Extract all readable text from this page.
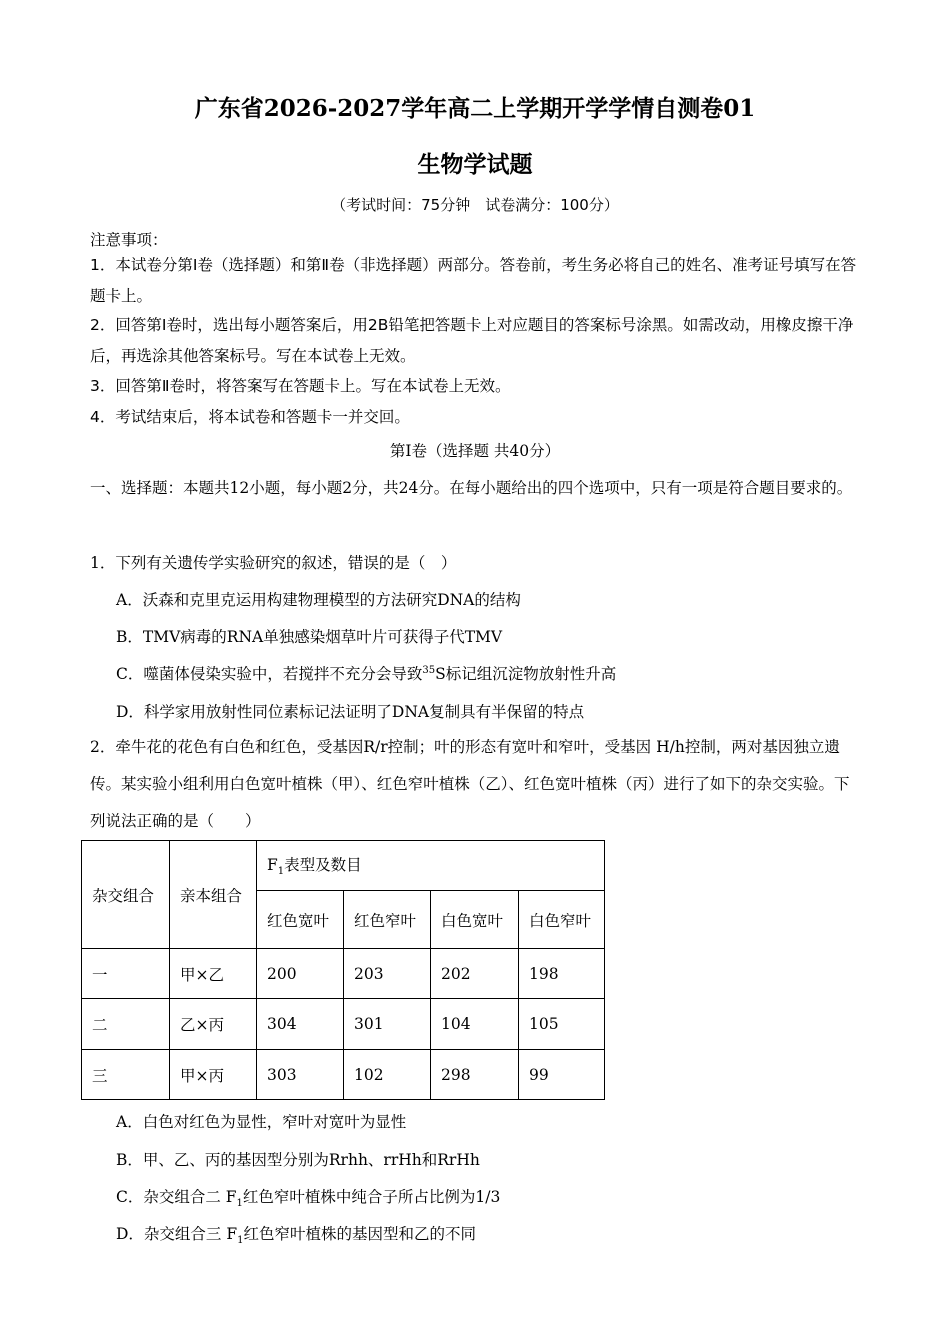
广东省2026-2027学年高二上学期开学学情自测卷01
生物学试题
（考试时间：75分钟　试卷满分：100分）
注意事项：
1．本试卷分第Ⅰ卷（选择题）和第Ⅱ卷（非选择题）两部分。答卷前，考生务必将自己的姓名、准考证号填写在答题卡上。
2．回答第Ⅰ卷时，选出每小题答案后，用2B铅笔把答题卡上对应题目的答案标号涂黑。如需改动，用橡皮擦干净后，再选涂其他答案标号。写在本试卷上无效。
3．回答第Ⅱ卷时，将答案写在答题卡上。写在本试卷上无效。
4．考试结束后，将本试卷和答题卡一并交回。
第Ⅰ卷（选择题 共40分）
一、选择题：本题共12小题，每小题2分，共24分。在每小题给出的四个选项中，只有一项是符合题目要求的。
1．下列有关遗传学实验研究的叙述，错误的是（　）
A．沃森和克里克运用构建物理模型的方法研究DNA的结构
B．TMV病毒的RNA单独感染烟草叶片可获得子代TMV
C．噬菌体侵染实验中，若搅拌不充分会导致$^{35}$S标记组沉淀物放射性升高
D．科学家用放射性同位素标记法证明了DNA复制具有半保留的特点
2．牵牛花的花色有白色和红色，受基因R/r控制；叶的形态有宽叶和窄叶，受基因 H/h控制，两对基因独立遗传。某实验小组利用白色宽叶植株（甲）、红色窄叶植株（乙）、红色宽叶植株（丙）进行了如下的杂交实验。下列说法正确的是（　　）
杂交组合	亲本组合	$F_1$表型及数目			
		红色宽叶	红色窄叶	白色宽叶	白色窄叶
一	甲×乙	200	203	202	198
二	乙×丙	304	301	104	105
三	甲×丙	303	102	298	99
A．白色对红色为显性，窄叶对宽叶为显性
B．甲、乙、丙的基因型分别为Rrhh、rrHh和RrHh
C．杂交组合二 $F_1$红色窄叶植株中纯合子所占比例为1/3
D．杂交组合三 $F_1$红色窄叶植株的基因型和乙的不同
